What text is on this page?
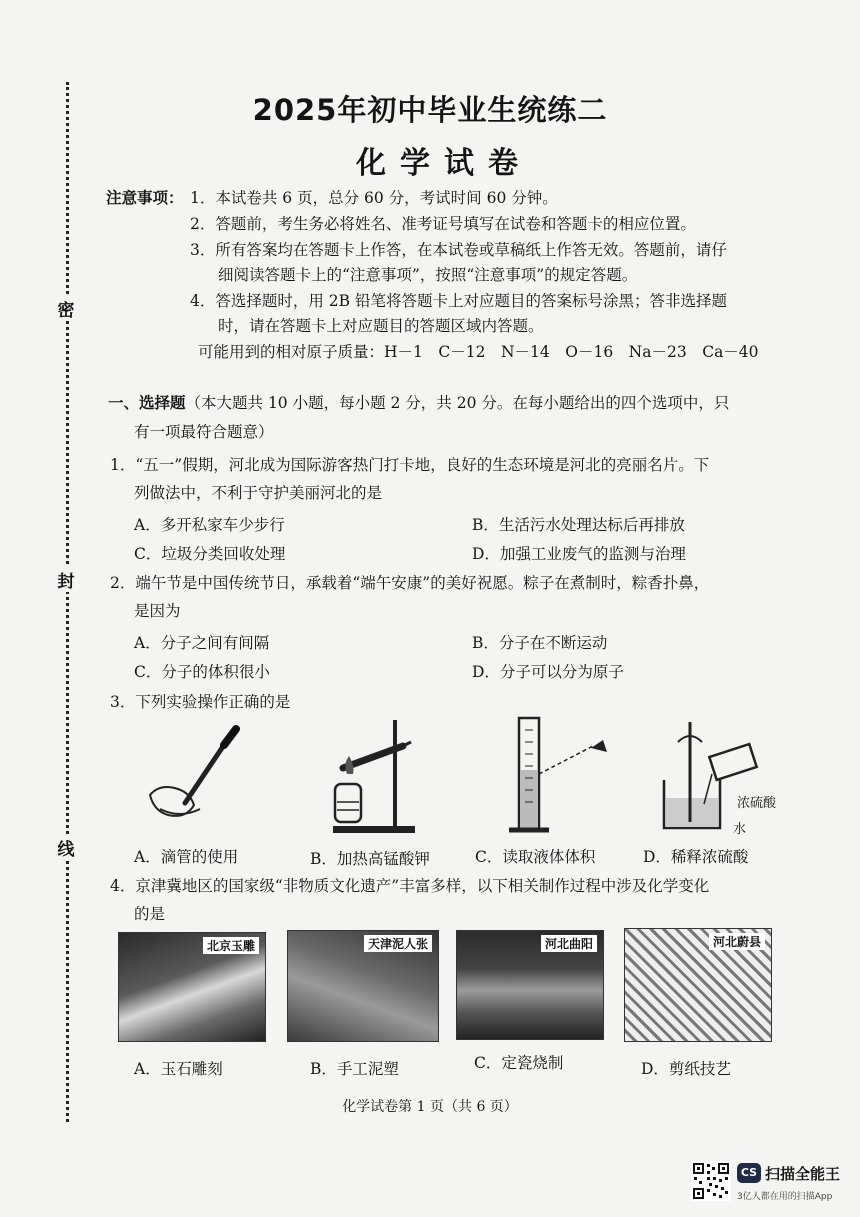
密
封
线
2025年初中毕业生统练二
化学试卷
注意事项： 1．本试卷共 6 页，总分 60 分，考试时间 60 分钟。
2．答题前，考生务必将姓名、准考证号填写在试卷和答题卡的相应位置。
3．所有答案均在答题卡上作答，在本试卷或草稿纸上作答无效。答题前，请仔
细阅读答题卡上的“注意事项”，按照“注意事项”的规定答题。
4．答选择题时，用 2B 铅笔将答题卡上对应题目的答案标号涂黑；答非选择题
时，请在答题卡上对应题目的答题区域内答题。
可能用到的相对原子质量：H－1　C－12　N－14　O－16　Na－23　Ca－40
一、选择题（本大题共 10 小题，每小题 2 分，共 20 分。在每小题给出的四个选项中，只
有一项最符合题意）
1．“五一”假期，河北成为国际游客热门打卡地，良好的生态环境是河北的亮丽名片。下
列做法中，不利于守护美丽河北的是
A．多开私家车少步行	B．生活污水处理达标后再排放
C．垃圾分类回收处理	D．加强工业废气的监测与治理
2．端午节是中国传统节日，承载着“端午安康”的美好祝愿。粽子在煮制时，粽香扑鼻，
是因为
A．分子之间有间隔	B．分子在不断运动
C．分子的体积很小	D．分子可以分为原子
3．下列实验操作正确的是
浓硫酸
水
A．滴管的使用	B．加热高锰酸钾	C．读取液体体积	D．稀释浓硫酸
4．京津冀地区的国家级“非物质文化遗产”丰富多样，以下相关制作过程中涉及化学变化
的是
北京玉雕	天津泥人张	河北曲阳	河北蔚县
A．玉石雕刻	B．手工泥塑	C．定瓷烧制	D．剪纸技艺
化学试卷第 1 页（共 6 页）
CS 扫描全能王
3亿人都在用的扫描App
